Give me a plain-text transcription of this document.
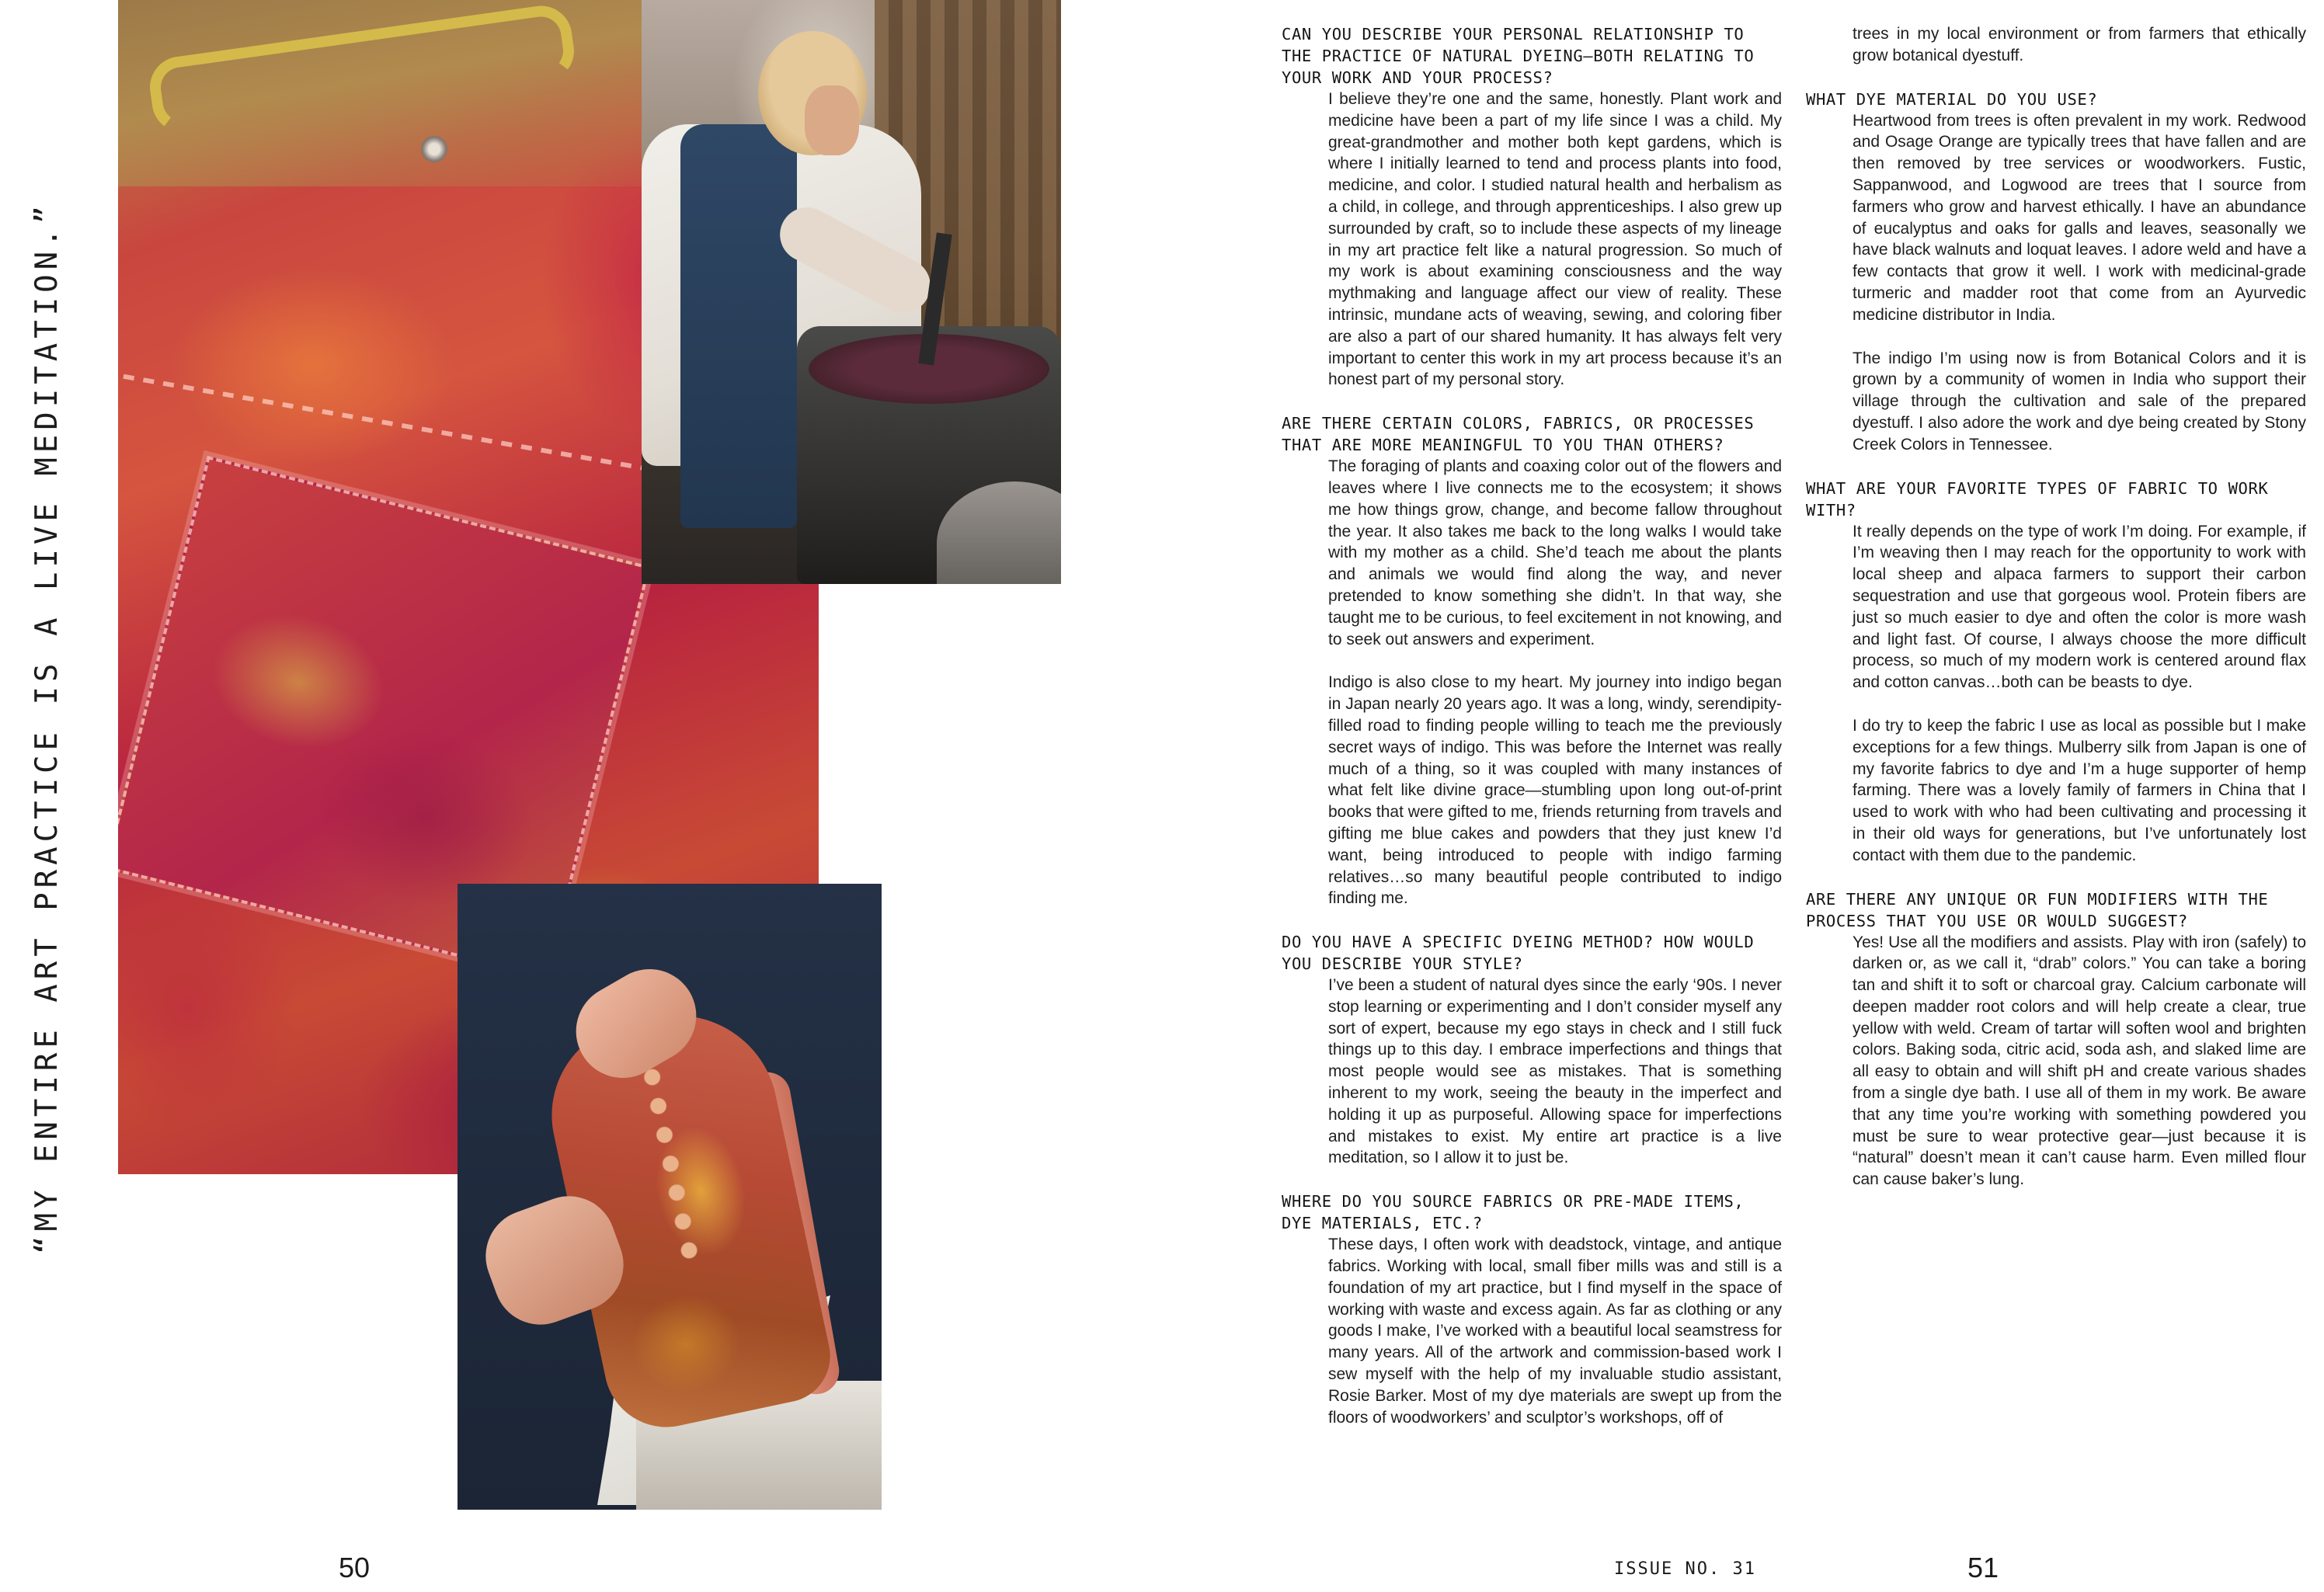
“MY ENTIRE ART PRACTICE IS A LIVE MEDITATION.”
50

CAN YOU DESCRIBE YOUR PERSONAL RELATIONSHIP TO THE PRACTICE OF NATURAL DYEING—BOTH RELATING TO YOUR WORK AND YOUR PROCESS?

I believe they’re one and the same, honestly. Plant work and medicine have been a part of my life since I was a child. My great-grandmother and mother both kept gardens, which is where I initially learned to tend and process plants into food, medicine, and color. I studied natural health and herbalism as a child, in college, and through apprenticeships. I also grew up surrounded by craft, so to include these aspects of my lineage in my art practice felt like a natural progression. So much of my work is about examining consciousness and the way mythmaking and language affect our view of reality. These intrinsic, mundane acts of weaving, sewing, and coloring fiber are also a part of our shared humanity. It has always felt very important to center this work in my art process because it’s an honest part of my personal story.

ARE THERE CERTAIN COLORS, FABRICS, OR PROCESSES THAT ARE MORE MEANINGFUL TO YOU THAN OTHERS?

The foraging of plants and coaxing color out of the flowers and leaves where I live connects me to the ecosystem; it shows me how things grow, change, and become fallow throughout the year. It also takes me back to the long walks I would take with my mother as a child. She’d teach me about the plants and animals we would find along the way, and never pretended to know something she didn’t. In that way, she taught me to be curious, to feel excitement in not knowing, and to seek out answers and experiment.

Indigo is also close to my heart. My journey into indigo began in Japan nearly 20 years ago. It was a long, windy, serendipity-filled road to finding people willing to teach me the previously secret ways of indigo. This was before the Internet was really much of a thing, so it was coupled with many instances of what felt like divine grace—stumbling upon long out-of-print books that were gifted to me, friends returning from travels and gifting me blue cakes and powders that they just knew I’d want, being introduced to people with indigo farming relatives…so many beautiful people contributed to indigo finding me.

DO YOU HAVE A SPECIFIC DYEING METHOD? HOW WOULD YOU DESCRIBE YOUR STYLE?

I’ve been a student of natural dyes since the early ‘90s. I never stop learning or experimenting and I don’t consider myself any sort of expert, because my ego stays in check and I still fuck things up to this day. I embrace imperfections and things that most people would see as mistakes. That is something inherent to my work, seeing the beauty in the imperfect and holding it up as purposeful. Allowing space for imperfections and mistakes to exist. My entire art practice is a live meditation, so I allow it to just be.

WHERE DO YOU SOURCE FABRICS OR PRE-MADE ITEMS, DYE MATERIALS, ETC.?

These days, I often work with deadstock, vintage, and antique fabrics. Working with local, small fiber mills was and still is a foundation of my art practice, but I find myself in the space of working with waste and excess again. As far as clothing or any goods I make, I’ve worked with a beautiful local seamstress for many years. All of the artwork and commission-based work I sew myself with the help of my invaluable studio assistant, Rosie Barker. Most of my dye materials are swept up from the floors of woodworkers’ and sculptor’s workshops, off of

trees in my local environment or from farmers that ethically grow botanical dyestuff.

WHAT DYE MATERIAL DO YOU USE?

Heartwood from trees is often prevalent in my work. Redwood and Osage Orange are typically trees that have fallen and are then removed by tree services or woodworkers. Fustic, Sappanwood, and Logwood are trees that I source from farmers who grow and harvest ethically. I have an abundance of eucalyptus and oaks for galls and leaves, seasonally we have black walnuts and loquat leaves. I adore weld and have a few contacts that grow it well. I work with medicinal-grade turmeric and madder root that come from an Ayurvedic medicine distributor in India.

The indigo I’m using now is from Botanical Colors and it is grown by a community of women in India who support their village through the cultivation and sale of the prepared dyestuff. I also adore the work and dye being created by Stony Creek Colors in Tennessee.

WHAT ARE YOUR FAVORITE TYPES OF FABRIC TO WORK WITH?

It really depends on the type of work I’m doing. For example, if I’m weaving then I may reach for the opportunity to work with local sheep and alpaca farmers to support their carbon sequestration and use that gorgeous wool. Protein fibers are just so much easier to dye and often the color is more wash and light fast. Of course, I always choose the more difficult process, so much of my modern work is centered around flax and cotton canvas…both can be beasts to dye.

I do try to keep the fabric I use as local as possible but I make exceptions for a few things. Mulberry silk from Japan is one of my favorite fabrics to dye and I’m a huge supporter of hemp farming. There was a lovely family of farmers in China that I used to work with who had been cultivating and processing it in their old ways for generations, but I’ve unfortunately lost contact with them due to the pandemic.

ARE THERE ANY UNIQUE OR FUN MODIFIERS WITH THE PROCESS THAT YOU USE OR WOULD SUGGEST?

Yes! Use all the modifiers and assists. Play with iron (safely) to darken or, as we call it, “drab” colors.” You can take a boring tan and shift it to soft or charcoal gray. Calcium carbonate will deepen madder root colors and will help create a clear, true yellow with weld. Cream of tartar will soften wool and brighten colors. Baking soda, citric acid, soda ash, and slaked lime are all easy to obtain and will shift pH and create various shades from a single dye bath. I use all of them in my work. Be aware that any time you’re working with something powdered you must be sure to wear protective gear—just because it is “natural” doesn’t mean it can’t cause harm. Even milled flour can cause baker’s lung.

ISSUE NO. 31	51
